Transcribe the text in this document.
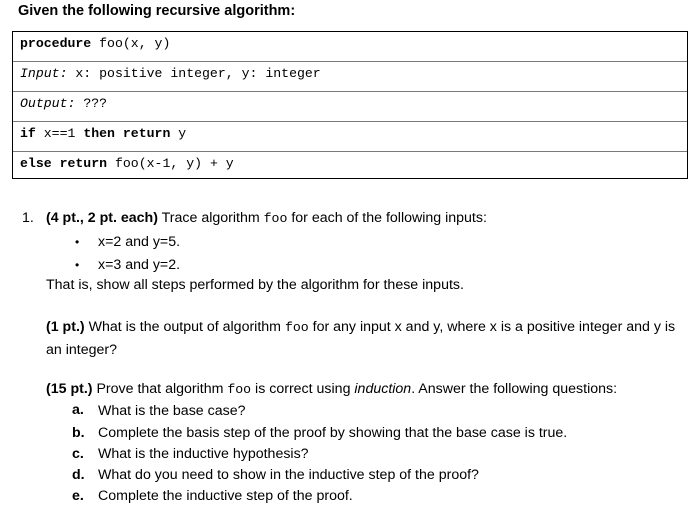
Given the following recursive algorithm:
procedure foo(x, y)
Input: x: positive integer, y: integer
Output: ???
if x==1 then return y
else return foo(x-1, y) + y
1. (4 pt., 2 pt. each) Trace algorithm foo for each of the following inputs:
• x=2 and y=5.
• x=3 and y=2.
That is, show all steps performed by the algorithm for these inputs.
(1 pt.) What is the output of algorithm foo for any input x and y, where x is a positive integer and y is an integer?
(15 pt.) Prove that algorithm foo is correct using induction. Answer the following questions:
a. What is the base case?
b. Complete the basis step of the proof by showing that the base case is true.
c. What is the inductive hypothesis?
d. What do you need to show in the inductive step of the proof?
e. Complete the inductive step of the proof.
